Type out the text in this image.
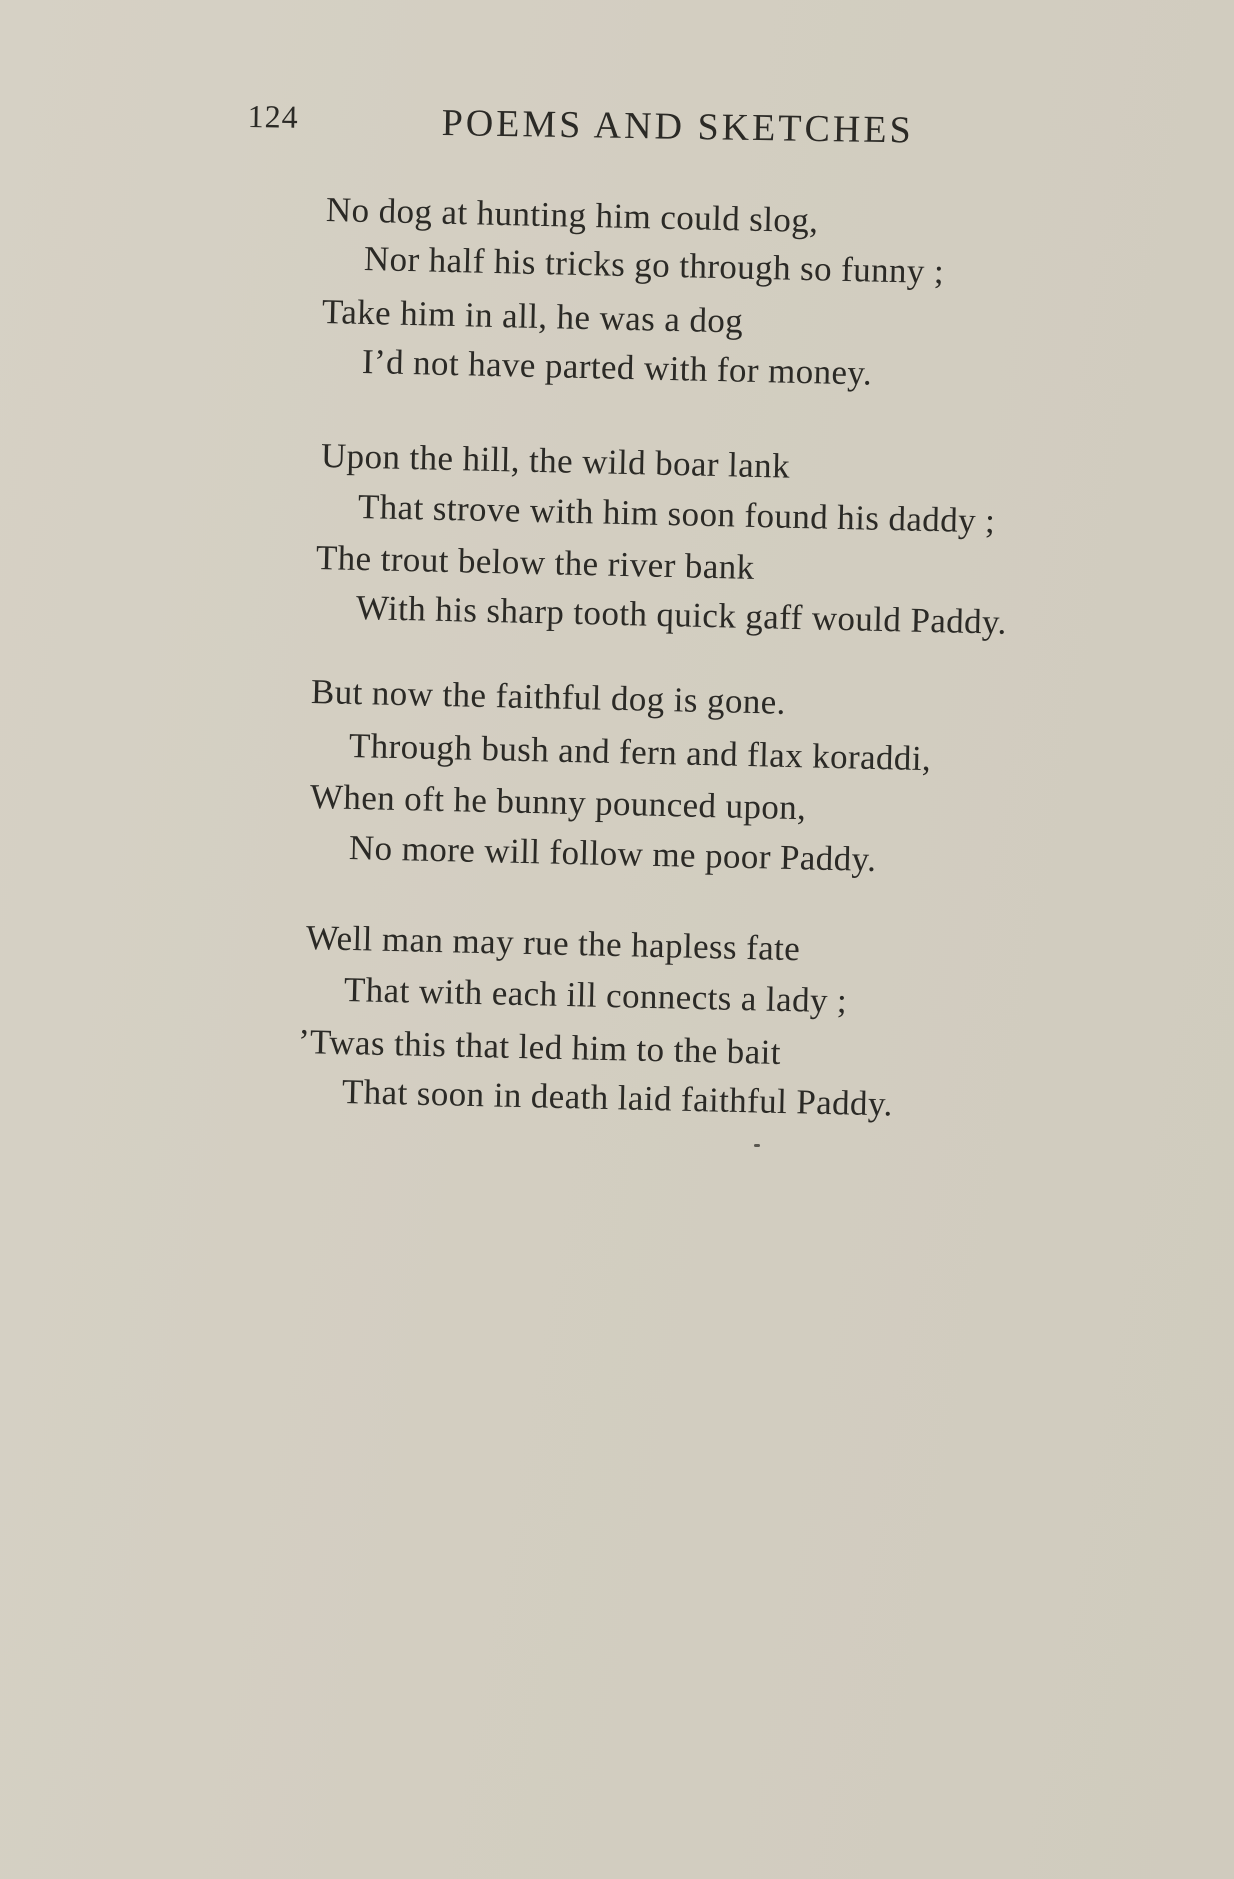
124	POEMS AND SKETCHES
No dog at hunting him could slog,
Nor half his tricks go through so funny ;
Take him in all, he was a dog
I’d not have parted with for money.
Upon the hill, the wild boar lank
That strove with him soon found his daddy ;
The trout below the river bank
With his sharp tooth quick gaff would Paddy.
But now the faithful dog is gone.
Through bush and fern and flax koraddi,
When oft he bunny pounced upon,
No more will follow me poor Paddy.
Well man may rue the hapless fate
That with each ill connects a lady ;
’Twas this that led him to the bait
That soon in death laid faithful Paddy.
